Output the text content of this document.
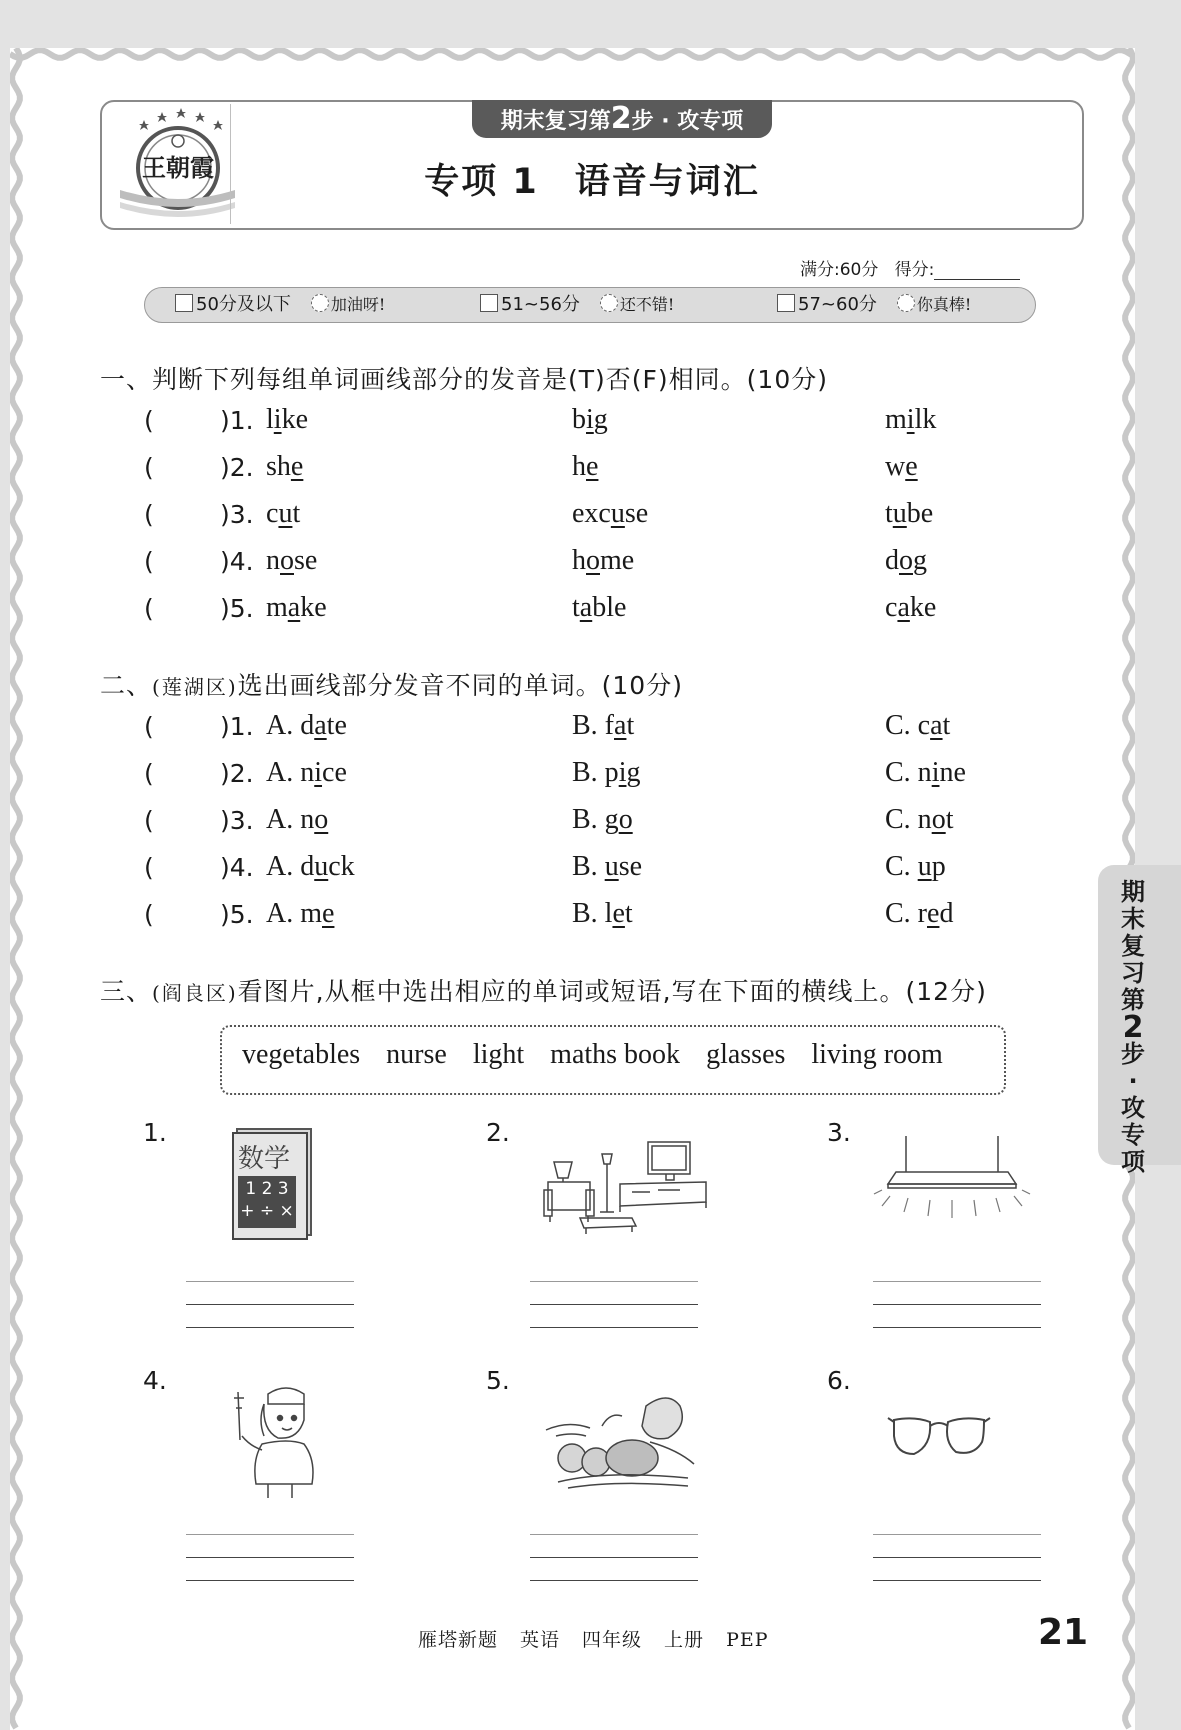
王朝霞
期末复习第2步 · 攻专项
专项 1 语音与词汇
满分:60分 得分:
50分及以下	加油呀!	51~56分	还不错!	57~60分	你真棒!
一、判断下列每组单词画线部分的发音是(T)否(F)相同。(10分)
(	)1. like	big	milk
(	)2. she	he	we
(	)3. cut	excuse	tube
(	)4. nose	home	dog
(	)5. make	table	cake
二、(莲湖区)选出画线部分发音不同的单词。(10分)
(	)1. A. date	B. fat	C. cat
(	)2. A. nice	B. pig	C. nine
(	)3. A. no	B. go	C. not
(	)4. A. duck	B. use	C. up
(	)5. A. me	B. let	C. red
三、(阎良区)看图片,从框中选出相应的单词或短语,写在下面的横线上。(12分)
vegetables nurse light maths book glasses living room
1.	2.	3.
4.	5.	6.
数学
1 2 3
+ ÷ ×
雁塔新题 英语 四年级 上册 PEP	21
期
末
复
习
第
2
步
·
攻
专
项
